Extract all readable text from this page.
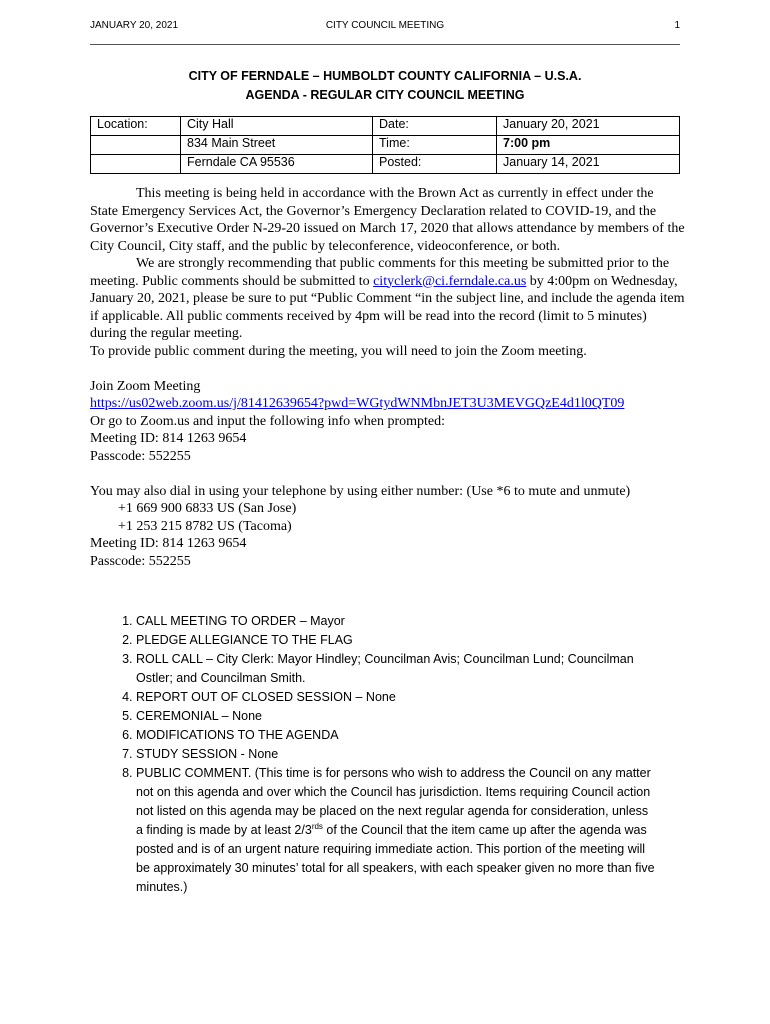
JANUARY 20, 2021	CITY COUNCIL MEETING	1
CITY OF FERNDALE – HUMBOLDT COUNTY CALIFORNIA – U.S.A.
AGENDA - REGULAR CITY COUNCIL MEETING
Location:	City Hall	Date:	January 20, 2021
	834 Main Street	Time:	7:00 pm
	Ferndale CA 95536	Posted:	January 14, 2021

This meeting is being held in accordance with the Brown Act as currently in effect under the State Emergency Services Act, the Governor’s Emergency Declaration related to COVID-19, and the Governor’s Executive Order N-29-20 issued on March 17, 2020 that allows attendance by members of the City Council, City staff, and the public by teleconference, videoconference, or both.

We are strongly recommending that public comments for this meeting be submitted prior to the meeting. Public comments should be submitted to cityclerk@ci.ferndale.ca.us by 4:00pm on Wednesday, January 20, 2021, please be sure to put “Public Comment “in the subject line, and include the agenda item if applicable. All public comments received by 4pm will be read into the record (limit to 5 minutes) during the regular meeting.

To provide public comment during the meeting, you will need to join the Zoom meeting.

Join Zoom Meeting

https://us02web.zoom.us/j/81412639654?pwd=WGtydWNMbnJET3U3MEVGQzE4d1l0QT09

Or go to Zoom.us and input the following info when prompted:

Meeting ID: 814 1263 9654

Passcode: 552255

You may also dial in using your telephone by using either number: (Use *6 to mute and unmute)

+1 669 900 6833 US (San Jose)

+1 253 215 8782 US (Tacoma)

Meeting ID: 814 1263 9654

Passcode: 552255

1. CALL MEETING TO ORDER – Mayor
2. PLEDGE ALLEGIANCE TO THE FLAG
3. ROLL CALL – City Clerk: Mayor Hindley; Councilman Avis; Councilman Lund; Councilman Ostler; and Councilman Smith.
4. REPORT OUT OF CLOSED SESSION – None
5. CEREMONIAL – None
6. MODIFICATIONS TO THE AGENDA
7. STUDY SESSION - None
8. PUBLIC COMMENT. (This time is for persons who wish to address the Council on any matter not on this agenda and over which the Council has jurisdiction. Items requiring Council action not listed on this agenda may be placed on the next regular agenda for consideration, unless a finding is made by at least $2/3^{rds}$ of the Council that the item came up after the agenda was posted and is of an urgent nature requiring immediate action. This portion of the meeting will be approximately 30 minutes’ total for all speakers, with each speaker given no more than five minutes.)
